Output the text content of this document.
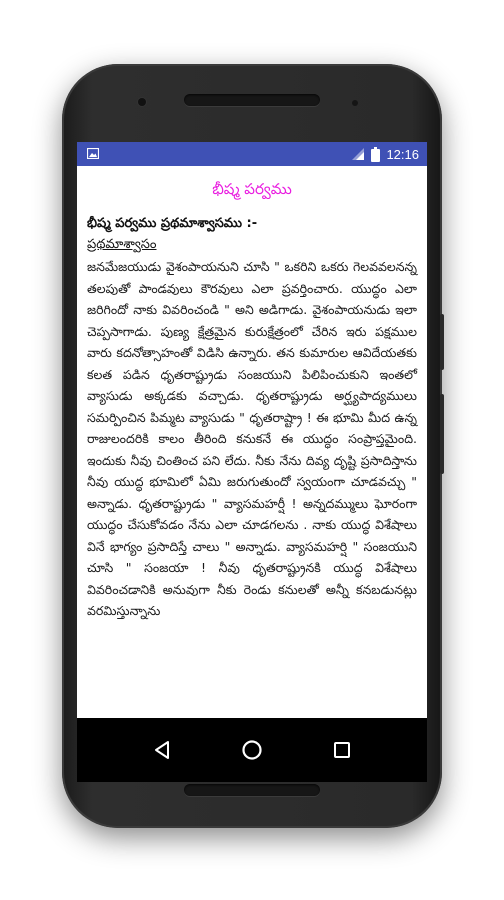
12:16
భీష్మ పర్వము
భీష్మ పర్వము ప్రథమాశ్వాసము :-
ప్రథమాశ్వాసం
జనమేజయుడు వైశంపాయనుని చూసి " ఒకరిని ఒకరు గెలవవలనన్న తలపుతో పాండవులు కౌరవులు ఎలా ప్రవర్తించారు. యుద్ధం ఎలా జరిగిందో నాకు వివరించండి " అని అడిగాడు. వైశంపాయనుడు ఇలా చెప్పసాగాడు. పుణ్య క్షేత్రమైన కురుక్షేత్రంలో చేరిన ఇరు పక్షముల వారు కదనోత్సాహంతో విడిసి ఉన్నారు. తన కుమారుల ఆవిదేయతకు కలత పడిన ధృతరాష్ట్రుడు సంజయుని పిలిపించుకుని ఇంతలో వ్యాసుడు అక్కడకు వచ్చాడు. ధృతరాష్ట్రుడు అర్ఘ్యపాద్యములు సమర్పించిన పిమ్మట వ్యాసుడు " ధృతరాష్ట్రా ! ఈ భూమి మీద ఉన్న రాజులందరికి కాలం తీరింది కనుకనే ఈ యుద్ధం సంప్రాప్తమైంది. ఇందుకు నీవు చింతించ పని లేదు. నీకు నేను దివ్య దృష్టి ప్రసాదిస్తాను నీవు యుద్ధ భూమిలో ఏమి జరుగుతుందో స్వయంగా చూడవచ్చు " అన్నాడు. ధృతరాష్ట్రుడు " వ్యాసమహర్షీ ! అన్నదమ్ములు ఘోరంగా యుద్ధం చేసుకోవడం నేను ఎలా చూడగలను . నాకు యుద్ధ విశేషాలు వినే భాగ్యం ప్రసాదిస్తే చాలు " అన్నాడు. వ్యాసమహర్షి " సంజయుని చూసి " సంజయా ! నీవు ధృతరాష్ట్రునకి యుద్ధ విశేషాలు వివరించడానికి అనువుగా నీకు రెండు కనులతో అన్నీ కనబడునట్లు వరమిస్తున్నాను
